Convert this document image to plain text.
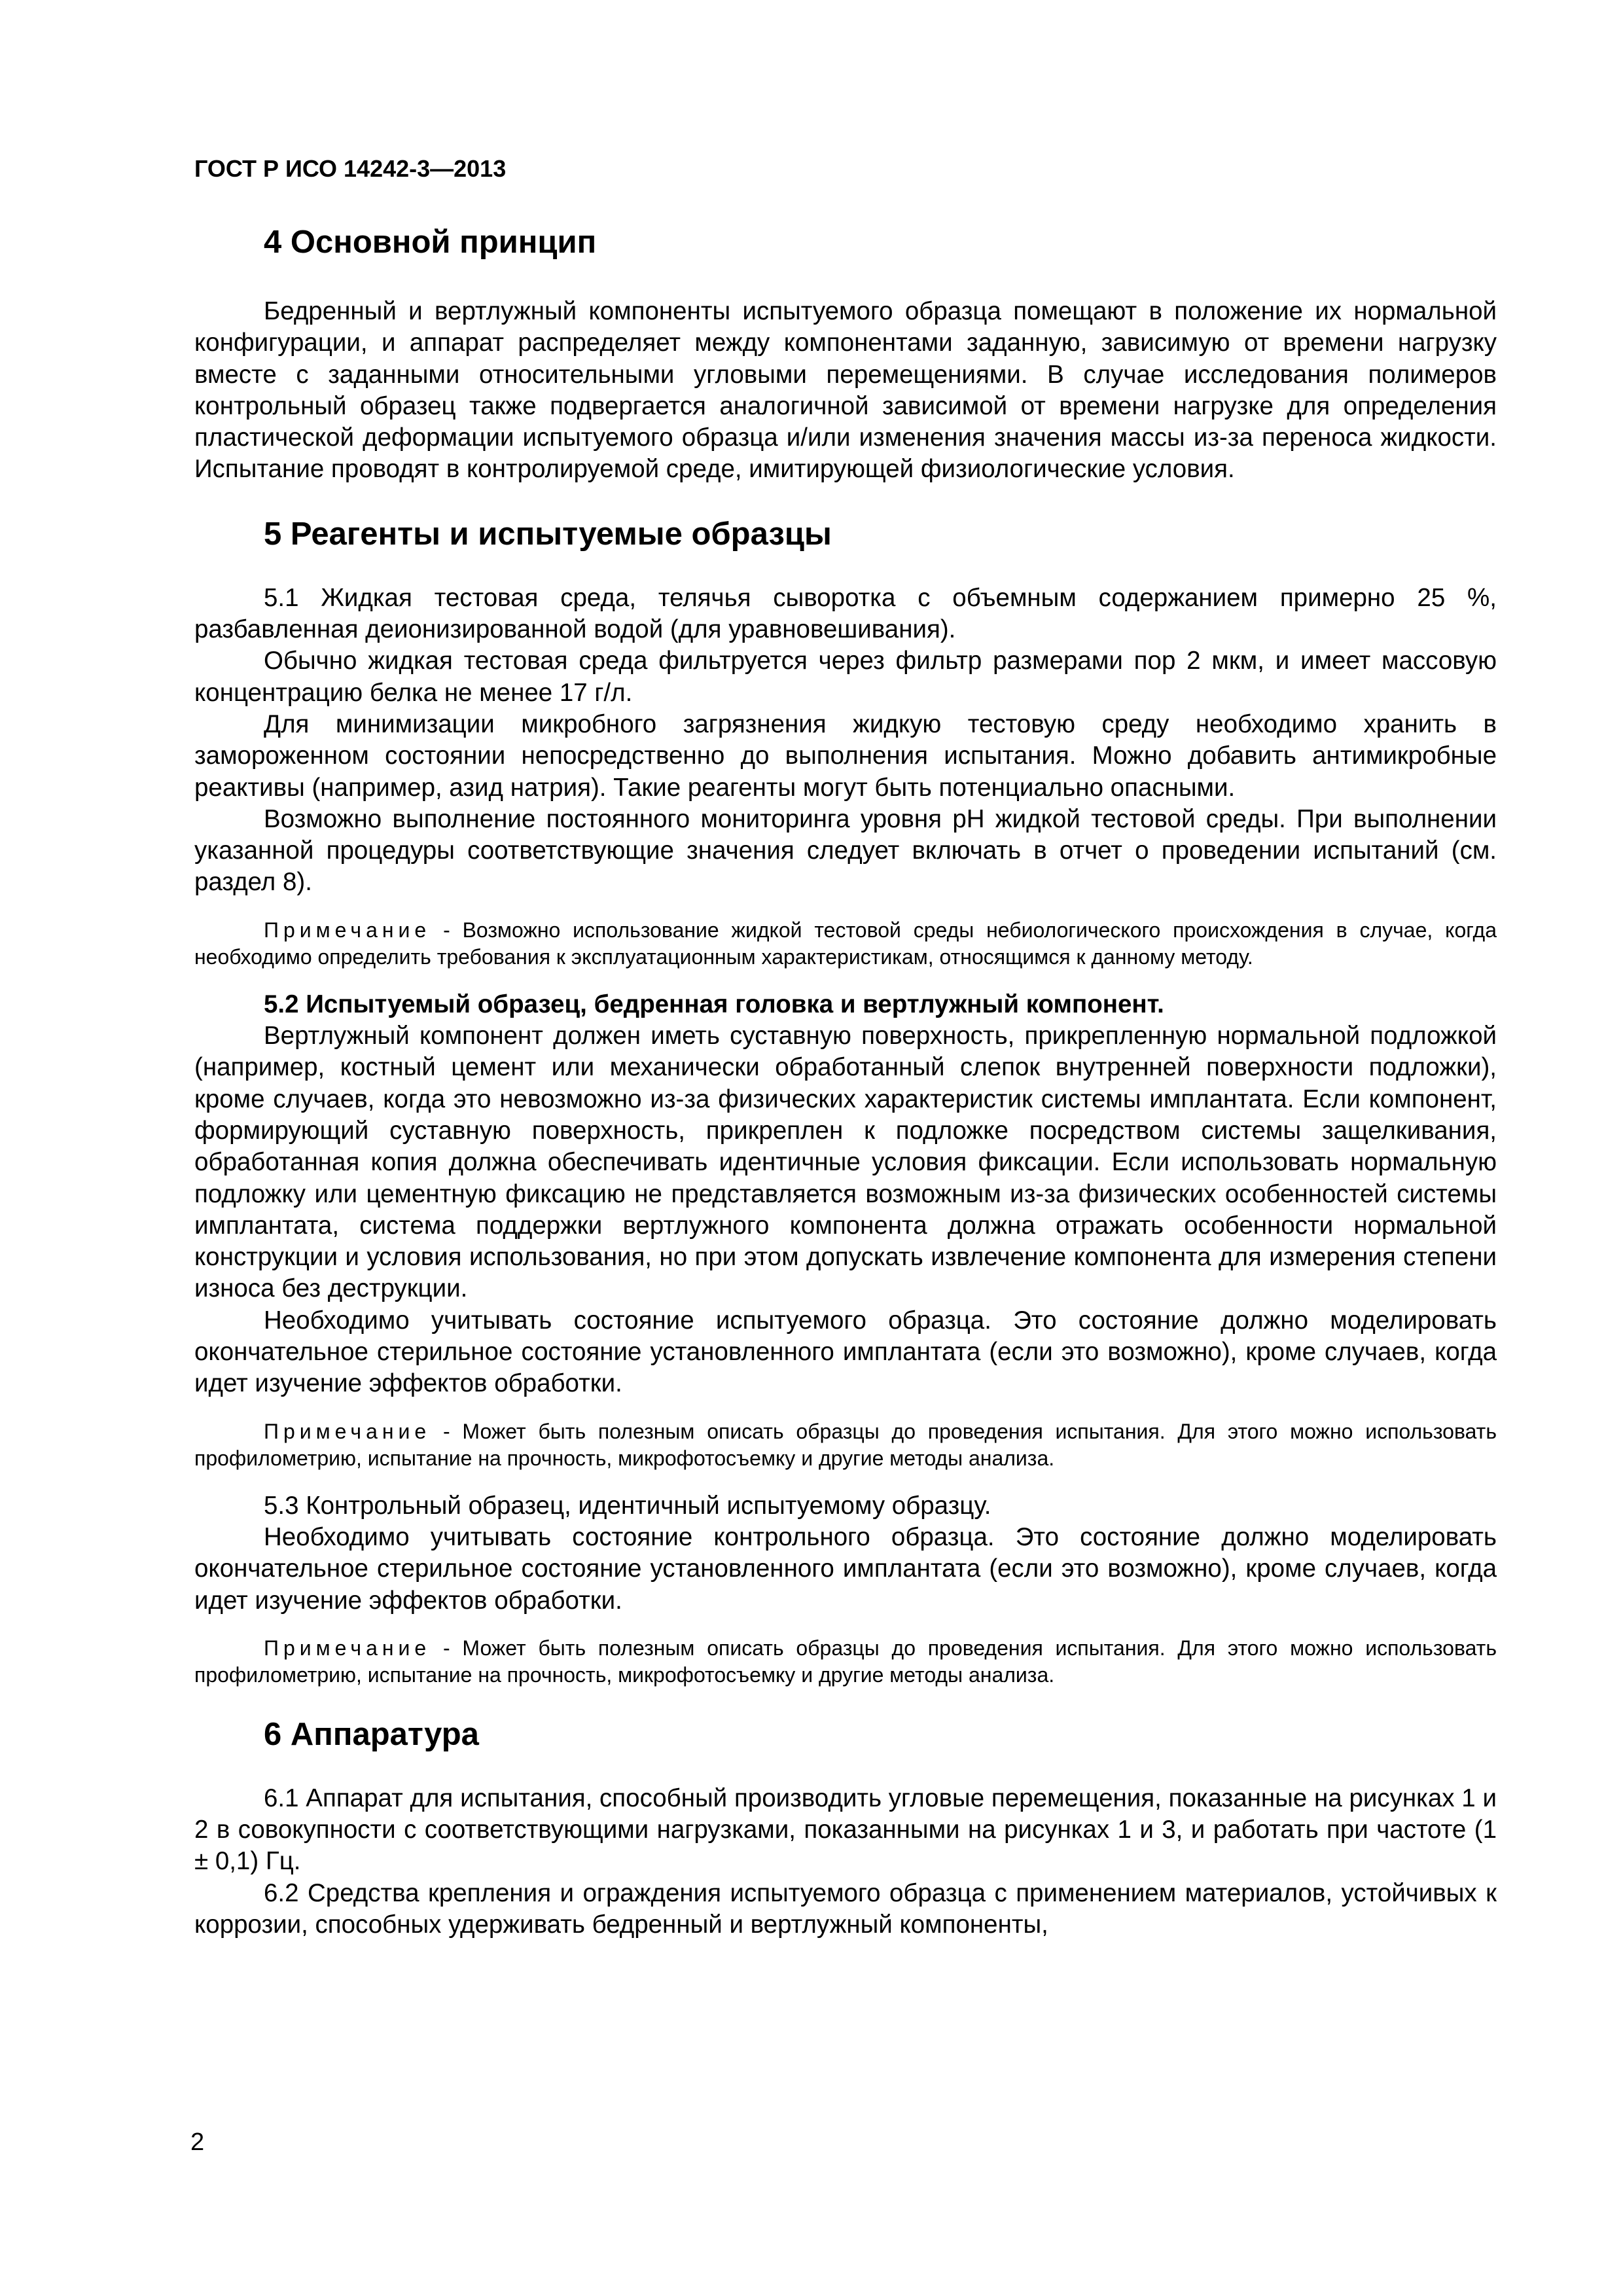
ГОСТ Р ИСО 14242-3—2013

4 Основной принцип

Бедренный и вертлужный компоненты испытуемого образца помещают в положение их нормальной конфигурации, и аппарат распределяет между компонентами заданную, зависимую от времени нагрузку вместе с заданными относительными угловыми перемещениями. В случае исследования полимеров контрольный образец также подвергается аналогичной зависимой от времени нагрузке для определения пластической деформации испытуемого образца и/или изменения значения массы из-за переноса жидкости. Испытание проводят в контролируемой среде, имитирующей физиологические условия.

5 Реагенты и испытуемые образцы

5.1 Жидкая тестовая среда, телячья сыворотка с объемным содержанием примерно 25 %, разбавленная деионизированной водой (для уравновешивания).

Обычно жидкая тестовая среда фильтруется через фильтр размерами пор 2 мкм, и имеет массовую концентрацию белка не менее 17 г/л.

Для минимизации микробного загрязнения жидкую тестовую среду необходимо хранить в замороженном состоянии непосредственно до выполнения испытания. Можно добавить антимикробные реактивы (например, азид натрия). Такие реагенты могут быть потенциально опасными.

Возможно выполнение постоянного мониторинга уровня pH жидкой тестовой среды. При выполнении указанной процедуры соответствующие значения следует включать в отчет о проведении испытаний (см. раздел 8).

Примечание - Возможно использование жидкой тестовой среды небиологического происхождения в случае, когда необходимо определить требования к эксплуатационным характеристикам, относящимся к данному методу.

5.2 Испытуемый образец, бедренная головка и вертлужный компонент.

Вертлужный компонент должен иметь суставную поверхность, прикрепленную нормальной подложкой (например, костный цемент или механически обработанный слепок внутренней поверхности подложки), кроме случаев, когда это невозможно из-за физических характеристик системы имплантата. Если компонент, формирующий суставную поверхность, прикреплен к подложке посредством системы защелкивания, обработанная копия должна обеспечивать идентичные условия фиксации. Если использовать нормальную подложку или цементную фиксацию не представляется возможным из-за физических особенностей системы имплантата, система поддержки вертлужного компонента должна отражать особенности нормальной конструкции и условия использования, но при этом допускать извлечение компонента для измерения степени износа без деструкции.

Необходимо учитывать состояние испытуемого образца. Это состояние должно моделировать окончательное стерильное состояние установленного имплантата (если это возможно), кроме случаев, когда идет изучение эффектов обработки.

Примечание - Может быть полезным описать образцы до проведения испытания. Для этого можно использовать профилометрию, испытание на прочность, микрофотосъемку и другие методы анализа.

5.3 Контрольный образец, идентичный испытуемому образцу.

Необходимо учитывать состояние контрольного образца. Это состояние должно моделировать окончательное стерильное состояние установленного имплантата (если это возможно), кроме случаев, когда идет изучение эффектов обработки.

Примечание - Может быть полезным описать образцы до проведения испытания. Для этого можно использовать профилометрию, испытание на прочность, микрофотосъемку и другие методы анализа.

6 Аппаратура

6.1 Аппарат для испытания, способный производить угловые перемещения, показанные на рисунках 1 и 2 в совокупности с соответствующими нагрузками, показанными на рисунках 1 и 3, и работать при частоте (1 ± 0,1) Гц.

6.2 Средства крепления и ограждения испытуемого образца с применением материалов, устойчивых к коррозии, способных удерживать бедренный и вертлужный компоненты,

2
